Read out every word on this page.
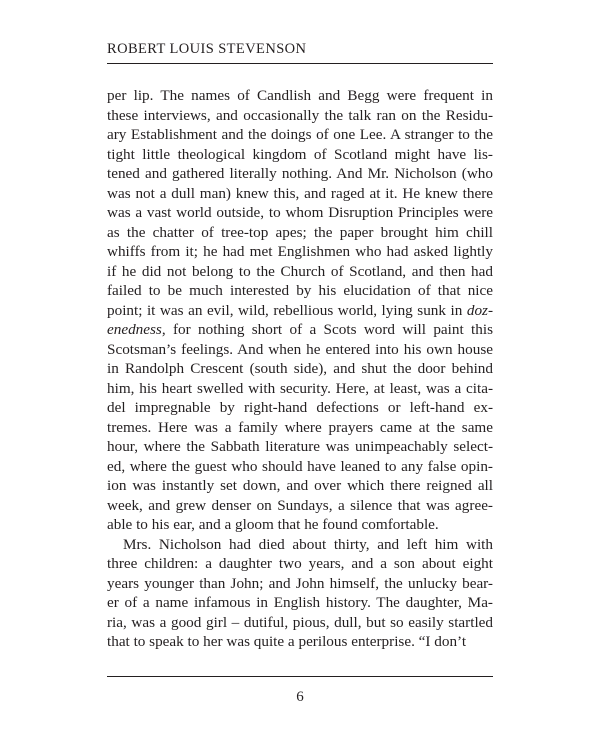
ROBERT LOUIS STEVENSON
per lip. The names of Candlish and Begg were frequent in
these interviews, and occasionally the talk ran on the Residu-
ary Establishment and the doings of one Lee. A stranger to the
tight little theological kingdom of Scotland might have lis-
tened and gathered literally nothing. And Mr. Nicholson (who
was not a dull man) knew this, and raged at it. He knew there
was a vast world outside, to whom Disruption Principles were
as the chatter of tree-top apes; the paper brought him chill
whiffs from it; he had met Englishmen who had asked lightly
if he did not belong to the Church of Scotland, and then had
failed to be much interested by his elucidation of that nice
point; it was an evil, wild, rebellious world, lying sunk in doz-
enedness, for nothing short of a Scots word will paint this
Scotsman’s feelings. And when he entered into his own house
in Randolph Crescent (south side), and shut the door behind
him, his heart swelled with security. Here, at least, was a cita-
del impregnable by right-hand defections or left-hand ex-
tremes. Here was a family where prayers came at the same
hour, where the Sabbath literature was unimpeachably select-
ed, where the guest who should have leaned to any false opin-
ion was instantly set down, and over which there reigned all
week, and grew denser on Sundays, a silence that was agree-
able to his ear, and a gloom that he found comfortable.
Mrs. Nicholson had died about thirty, and left him with
three children: a daughter two years, and a son about eight
years younger than John; and John himself, the unlucky bear-
er of a name infamous in English history. The daughter, Ma-
ria, was a good girl – dutiful, pious, dull, but so easily startled
that to speak to her was quite a perilous enterprise. “I don’t
6
